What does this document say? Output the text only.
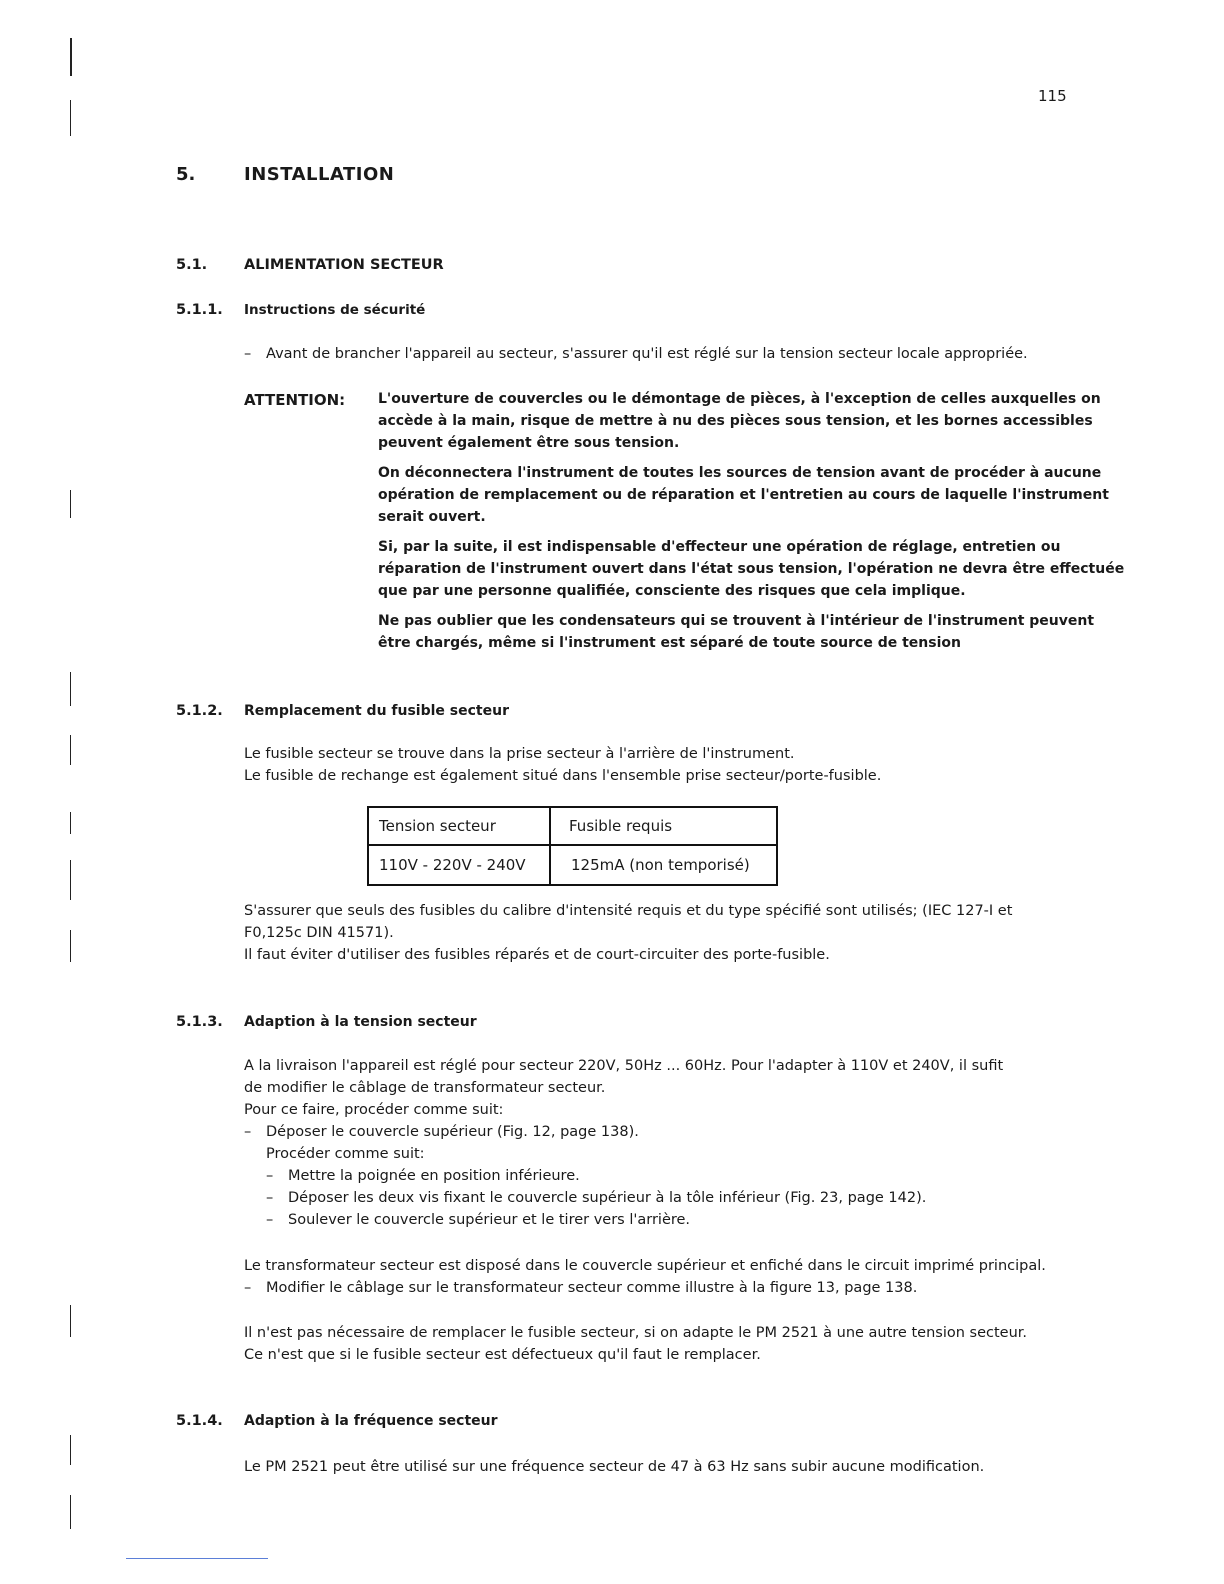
115
5.	INSTALLATION
5.1.	ALIMENTATION SECTEUR
5.1.1. Instructions de sécurité
– Avant de brancher l'appareil au secteur, s'assurer qu'il est réglé sur la tension secteur locale appropriée.
ATTENTION: L'ouverture de couvercles ou le démontage de pièces, à l'exception de celles auxquelles on
accède à la main, risque de mettre à nu des pièces sous tension, et les bornes accessibles
peuvent également être sous tension.
On déconnectera l'instrument de toutes les sources de tension avant de procéder à aucune
opération de remplacement ou de réparation et l'entretien au cours de laquelle l'instrument
serait ouvert.
Si, par la suite, il est indispensable d'effecteur une opération de réglage, entretien ou
réparation de l'instrument ouvert dans l'état sous tension, l'opération ne devra être effectuée
que par une personne qualifiée, consciente des risques que cela implique.
Ne pas oublier que les condensateurs qui se trouvent à l'intérieur de l'instrument peuvent
être chargés, même si l'instrument est séparé de toute source de tension
5.1.2. Remplacement du fusible secteur
Le fusible secteur se trouve dans la prise secteur à l'arrière de l'instrument.
Le fusible de rechange est également situé dans l'ensemble prise secteur/porte-fusible.
Tension secteur	Fusible requis
110V - 220V - 240V	125mA (non temporisé)
S'assurer que seuls des fusibles du calibre d'intensité requis et du type spécifié sont utilisés; (IEC 127-I et
F0,125c DIN 41571).
Il faut éviter d'utiliser des fusibles réparés et de court-circuiter des porte-fusible.
5.1.3. Adaption à la tension secteur
A la livraison l'appareil est réglé pour secteur 220V, 50Hz ... 60Hz. Pour l'adapter à 110V et 240V, il sufit
de modifier le câblage de transformateur secteur.
Pour ce faire, procéder comme suit:
– Déposer le couvercle supérieur (Fig. 12, page 138).
Procéder comme suit:
– Mettre la poignée en position inférieure.
– Déposer les deux vis fixant le couvercle supérieur à la tôle inférieur (Fig. 23, page 142).
– Soulever le couvercle supérieur et le tirer vers l'arrière.
Le transformateur secteur est disposé dans le couvercle supérieur et enfiché dans le circuit imprimé principal.
– Modifier le câblage sur le transformateur secteur comme illustre à la figure 13, page 138.
Il n'est pas nécessaire de remplacer le fusible secteur, si on adapte le PM 2521 à une autre tension secteur.
Ce n'est que si le fusible secteur est défectueux qu'il faut le remplacer.
5.1.4. Adaption à la fréquence secteur
Le PM 2521 peut être utilisé sur une fréquence secteur de 47 à 63 Hz sans subir aucune modification.
